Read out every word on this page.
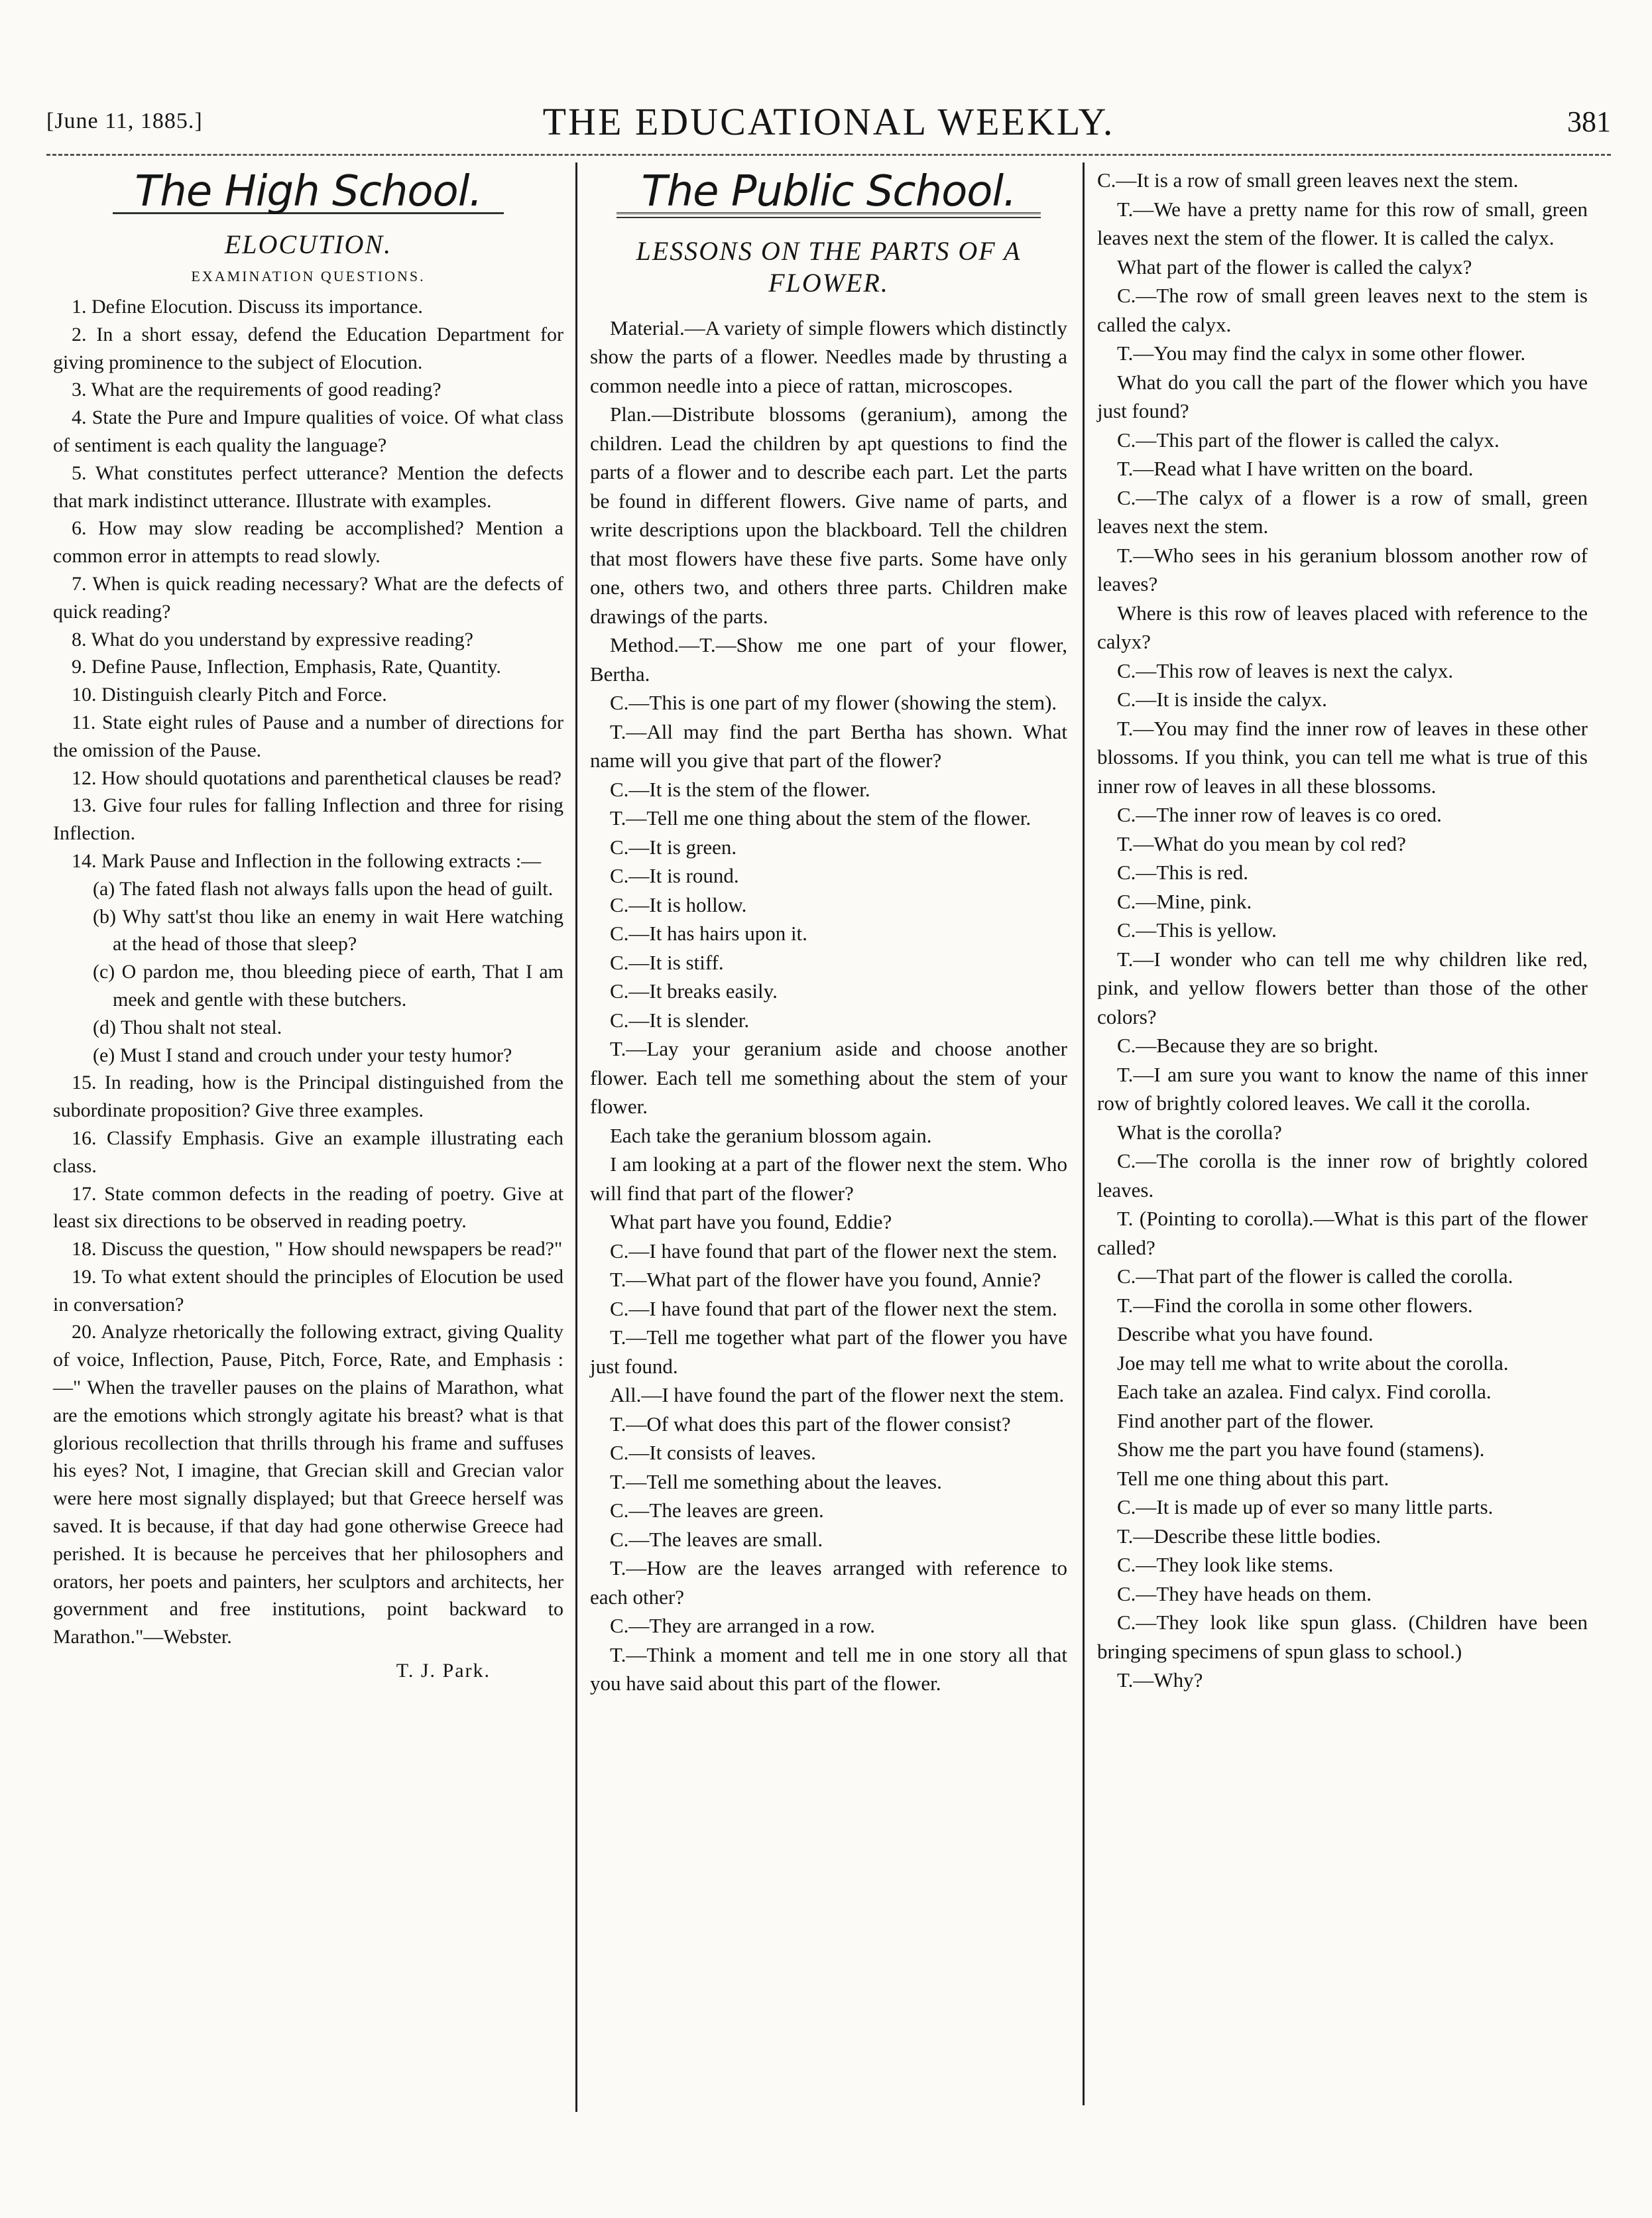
[June 11, 1885.]	THE EDUCATIONAL WEEKLY.	381
The High School.
ELOCUTION.
EXAMINATION QUESTIONS.

1. Define Elocution. Discuss its importance.

2. In a short essay, defend the Education Department for giving prominence to the subject of Elocution.

3. What are the requirements of good reading?

4. State the Pure and Impure qualities of voice. Of what class of sentiment is each quality the language?

5. What constitutes perfect utterance? Mention the defects that mark indistinct utterance. Illustrate with examples.

6. How may slow reading be accomplished? Mention a common error in attempts to read slowly.

7. When is quick reading necessary? What are the defects of quick reading?

8. What do you understand by expressive reading?

9. Define Pause, Inflection, Emphasis, Rate, Quantity.

10. Distinguish clearly Pitch and Force.

11. State eight rules of Pause and a number of directions for the omission of the Pause.

12. How should quotations and parenthetical clauses be read?

13. Give four rules for falling Inflection and three for rising Inflection.

14. Mark Pause and Inflection in the following extracts :—

(a) The fated flash not always falls upon the head of guilt.

(b) Why satt'st thou like an enemy in wait Here watching at the head of those that sleep?

(c) O pardon me, thou bleeding piece of earth, That I am meek and gentle with these butchers.

(d) Thou shalt not steal.

(e) Must I stand and crouch under your testy humor?

15. In reading, how is the Principal distinguished from the subordinate proposition? Give three examples.

16. Classify Emphasis. Give an example illustrating each class.

17. State common defects in the reading of poetry. Give at least six directions to be observed in reading poetry.

18. Discuss the question, " How should newspapers be read?"

19. To what extent should the principles of Elocution be used in conversation?

20. Analyze rhetorically the following extract, giving Quality of voice, Inflection, Pause, Pitch, Force, Rate, and Emphasis :—" When the traveller pauses on the plains of Marathon, what are the emotions which strongly agitate his breast? what is that glorious recollection that thrills through his frame and suffuses his eyes? Not, I imagine, that Grecian skill and Grecian valor were here most signally displayed; but that Greece herself was saved. It is because, if that day had gone otherwise Greece had perished. It is because he perceives that her philosophers and orators, her poets and painters, her sculptors and architects, her government and free institutions, point backward to Marathon."—Webster.

T. J. Park.
The Public School.
LESSONS ON THE PARTS OF A FLOWER.

Material.—A variety of simple flowers which distinctly show the parts of a flower. Needles made by thrusting a common needle into a piece of rattan, microscopes.

Plan.—Distribute blossoms (geranium), among the children. Lead the children by apt questions to find the parts of a flower and to describe each part. Let the parts be found in different flowers. Give name of parts, and write descriptions upon the blackboard. Tell the children that most flowers have these five parts. Some have only one, others two, and others three parts. Children make drawings of the parts.

Method.—T.—Show me one part of your flower, Bertha.

C.—This is one part of my flower (showing the stem).

T.—All may find the part Bertha has shown. What name will you give that part of the flower?

C.—It is the stem of the flower.

T.—Tell me one thing about the stem of the flower.

C.—It is green.

C.—It is round.

C.—It is hollow.

C.—It has hairs upon it.

C.—It is stiff.

C.—It breaks easily.

C.—It is slender.

T.—Lay your geranium aside and choose another flower. Each tell me something about the stem of your flower.

Each take the geranium blossom again.

I am looking at a part of the flower next the stem. Who will find that part of the flower?

What part have you found, Eddie?

C.—I have found that part of the flower next the stem.

T.—What part of the flower have you found, Annie?

C.—I have found that part of the flower next the stem.

T.—Tell me together what part of the flower you have just found.

All.—I have found the part of the flower next the stem.

T.—Of what does this part of the flower consist?

C.—It consists of leaves.

T.—Tell me something about the leaves.

C.—The leaves are green.

C.—The leaves are small.

T.—How are the leaves arranged with reference to each other?

C.—They are arranged in a row.

T.—Think a moment and tell me in one story all that you have said about this part of the flower.

C.—It is a row of small green leaves next the stem.

T.—We have a pretty name for this row of small, green leaves next the stem of the flower. It is called the calyx.

What part of the flower is called the calyx?

C.—The row of small green leaves next to the stem is called the calyx.

T.—You may find the calyx in some other flower.

What do you call the part of the flower which you have just found?

C.—This part of the flower is called the calyx.

T.—Read what I have written on the board.

C.—The calyx of a flower is a row of small, green leaves next the stem.

T.—Who sees in his geranium blossom another row of leaves?

Where is this row of leaves placed with reference to the calyx?

C.—This row of leaves is next the calyx.

C.—It is inside the calyx.

T.—You may find the inner row of leaves in these other blossoms. If you think, you can tell me what is true of this inner row of leaves in all these blossoms.

C.—The inner row of leaves is co ored.

T.—What do you mean by col red?

C.—This is red.

C.—Mine, pink.

C.—This is yellow.

T.—I wonder who can tell me why children like red, pink, and yellow flowers better than those of the other colors?

C.—Because they are so bright.

T.—I am sure you want to know the name of this inner row of brightly colored leaves. We call it the corolla.

What is the corolla?

C.—The corolla is the inner row of brightly colored leaves.

T. (Pointing to corolla).—What is this part of the flower called?

C.—That part of the flower is called the corolla.

T.—Find the corolla in some other flowers.

Describe what you have found.

Joe may tell me what to write about the corolla.

Each take an azalea. Find calyx. Find corolla.

Find another part of the flower.

Show me the part you have found (stamens).

Tell me one thing about this part.

C.—It is made up of ever so many little parts.

T.—Describe these little bodies.

C.—They look like stems.

C.—They have heads on them.

C.—They look like spun glass. (Children have been bringing specimens of spun glass to school.)

T.—Why?
